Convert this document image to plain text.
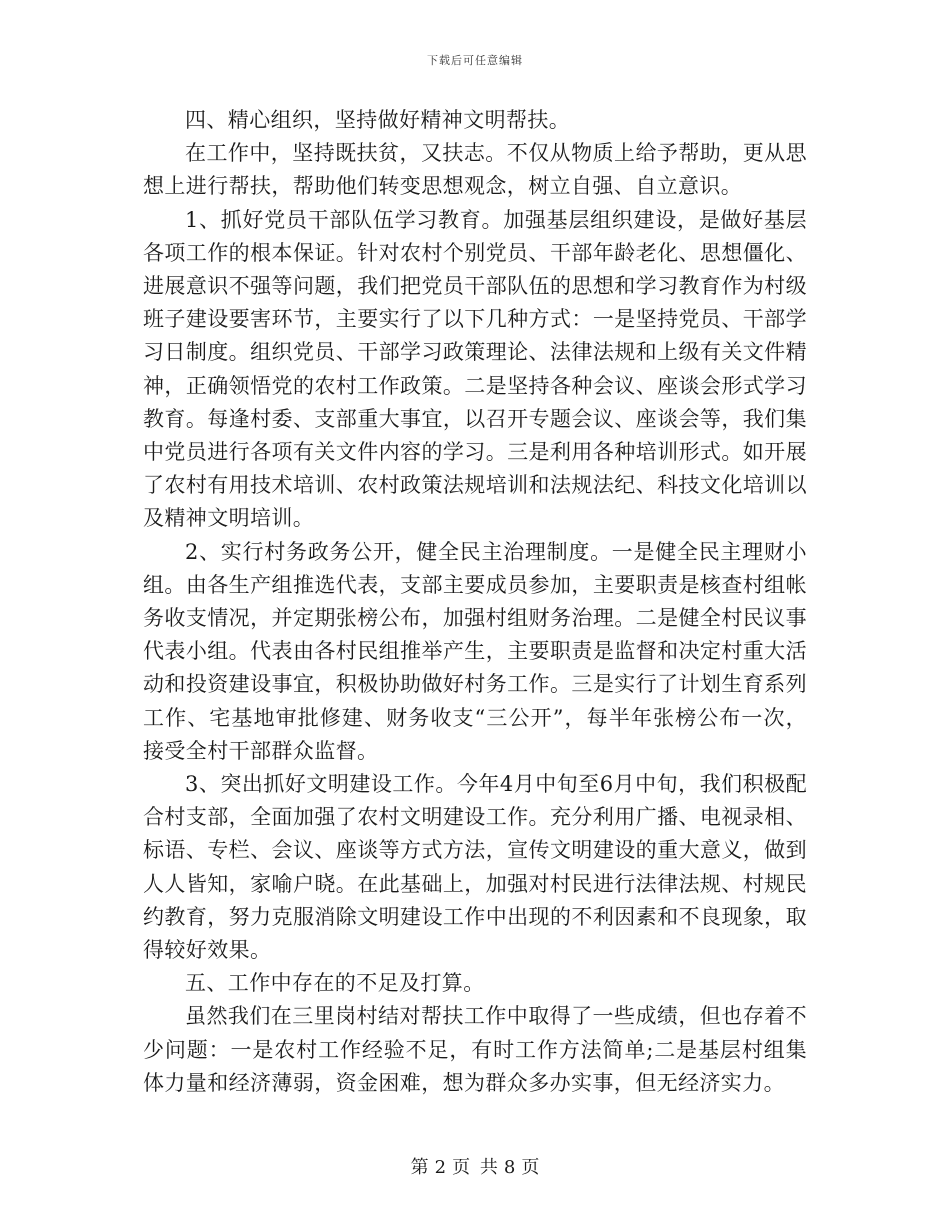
下载后可任意编辑

四、精心组织，坚持做好精神文明帮扶。

在工作中，坚持既扶贫，又扶志。不仅从物质上给予帮助，更从思想上进行帮扶，帮助他们转变思想观念，树立自强、自立意识。

1、抓好党员干部队伍学习教育。加强基层组织建设，是做好基层各项工作的根本保证。针对农村个别党员、干部年龄老化、思想僵化、进展意识不强等问题，我们把党员干部队伍的思想和学习教育作为村级班子建设要害环节，主要实行了以下几种方式：一是坚持党员、干部学习日制度。组织党员、干部学习政策理论、法律法规和上级有关文件精神，正确领悟党的农村工作政策。二是坚持各种会议、座谈会形式学习教育。每逢村委、支部重大事宜，以召开专题会议、座谈会等，我们集中党员进行各项有关文件内容的学习。三是利用各种培训形式。如开展了农村有用技术培训、农村政策法规培训和法规法纪、科技文化培训以及精神文明培训。

2、实行村务政务公开，健全民主治理制度。一是健全民主理财小组。由各生产组推选代表，支部主要成员参加，主要职责是核查村组帐务收支情况，并定期张榜公布，加强村组财务治理。二是健全村民议事代表小组。代表由各村民组推举产生，主要职责是监督和决定村重大活动和投资建设事宜，积极协助做好村务工作。三是实行了计划生育系列工作、宅基地审批修建、财务收支“三公开”，每半年张榜公布一次，接受全村干部群众监督。

3、突出抓好文明建设工作。今年4月中旬至6月中旬，我们积极配合村支部，全面加强了农村文明建设工作。充分利用广播、电视录相、标语、专栏、会议、座谈等方式方法，宣传文明建设的重大意义，做到人人皆知，家喻户晓。在此基础上，加强对村民进行法律法规、村规民约教育，努力克服消除文明建设工作中出现的不利因素和不良现象，取得较好效果。

五、工作中存在的不足及打算。

虽然我们在三里岗村结对帮扶工作中取得了一些成绩，但也存着不少问题：一是农村工作经验不足，有时工作方法简单;二是基层村组集体力量和经济薄弱，资金困难，想为群众多办实事，但无经济实力。

第 2 页 共 8 页
